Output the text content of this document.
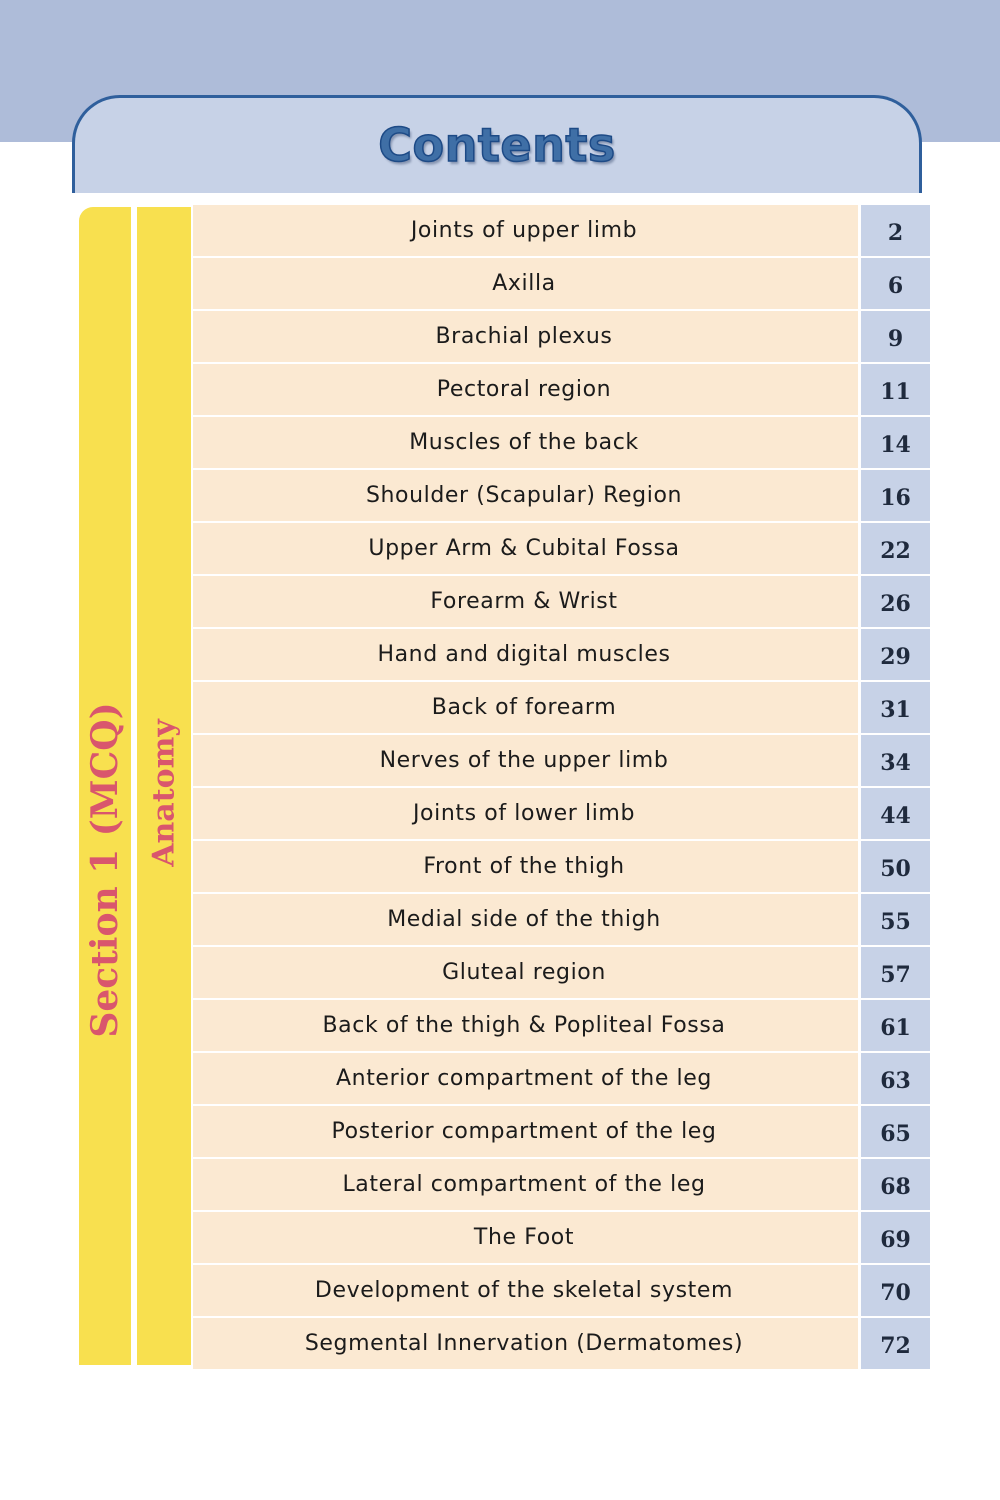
Contents
Section 1 (MCQ) Anatomy
Joints of upper limb	2
Axilla	6
Brachial plexus	9
Pectoral region	11
Muscles of the back	14
Shoulder (Scapular) Region	16
Upper Arm & Cubital Fossa	22
Forearm & Wrist	26
Hand and digital muscles	29
Back of forearm	31
Nerves of the upper limb	34
Joints of lower limb	44
Front of the thigh	50
Medial side of the thigh	55
Gluteal region	57
Back of the thigh & Popliteal Fossa	61
Anterior compartment of the leg	63
Posterior compartment of the leg	65
Lateral compartment of the leg	68
The Foot	69
Development of the skeletal system	70
Segmental Innervation (Dermatomes)	72
